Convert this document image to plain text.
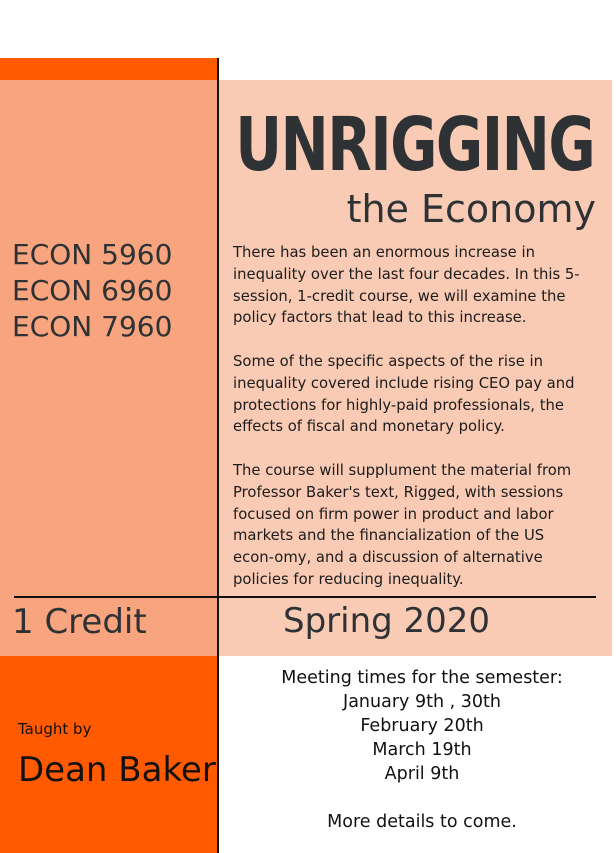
UNRIGGING
the Economy
ECON 5960
ECON 6960
ECON 7960

There has been an enormous increase in inequality over the last four decades. In this 5-session, 1-credit course, we will examine the policy factors that lead to this increase.

Some of the specific aspects of the rise in inequality covered include rising CEO pay and protections for highly-paid professionals, the effects of fiscal and monetary policy.

The course will supplument the material from Professor Baker's text, Rigged, with sessions focused on firm power in product and labor markets and the financialization of the US econ-omy, and a discussion of alternative policies for reducing inequality.

1 Credit	Spring 2020
Meeting times for the semester:
January 9th , 30th
February 20th
March 19th
April 9th
More details to come.
Taught by
Dean Baker
